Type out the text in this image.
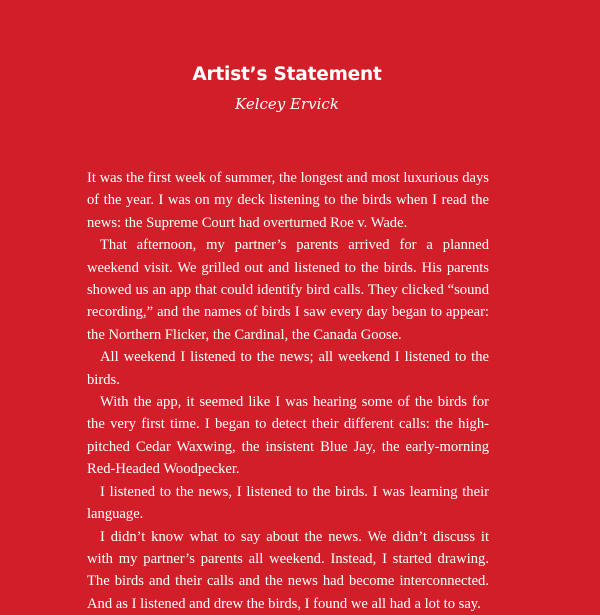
Artist’s Statement
Kelcey Ervick

It was the first week of summer, the longest and most luxurious days of the year. I was on my deck listening to the birds when I read the news: the Supreme Court had overturned Roe v. Wade.

That afternoon, my partner’s parents arrived for a planned weekend visit. We grilled out and listened to the birds. His parents showed us an app that could identify bird calls. They clicked “sound recording,” and the names of birds I saw every day began to appear: the Northern Flicker, the Cardinal, the Canada Goose.

All weekend I listened to the news; all weekend I listened to the birds.

With the app, it seemed like I was hearing some of the birds for the very first time. I began to detect their different calls: the high-pitched Cedar Waxwing, the insistent Blue Jay, the early-morning Red-Headed Woodpecker.

I listened to the news, I listened to the birds. I was learning their language.

I didn’t know what to say about the news. We didn’t discuss it with my partner’s parents all weekend. Instead, I started drawing. The birds and their calls and the news had become interconnected. And as I listened and drew the birds, I found we all had a lot to say.
